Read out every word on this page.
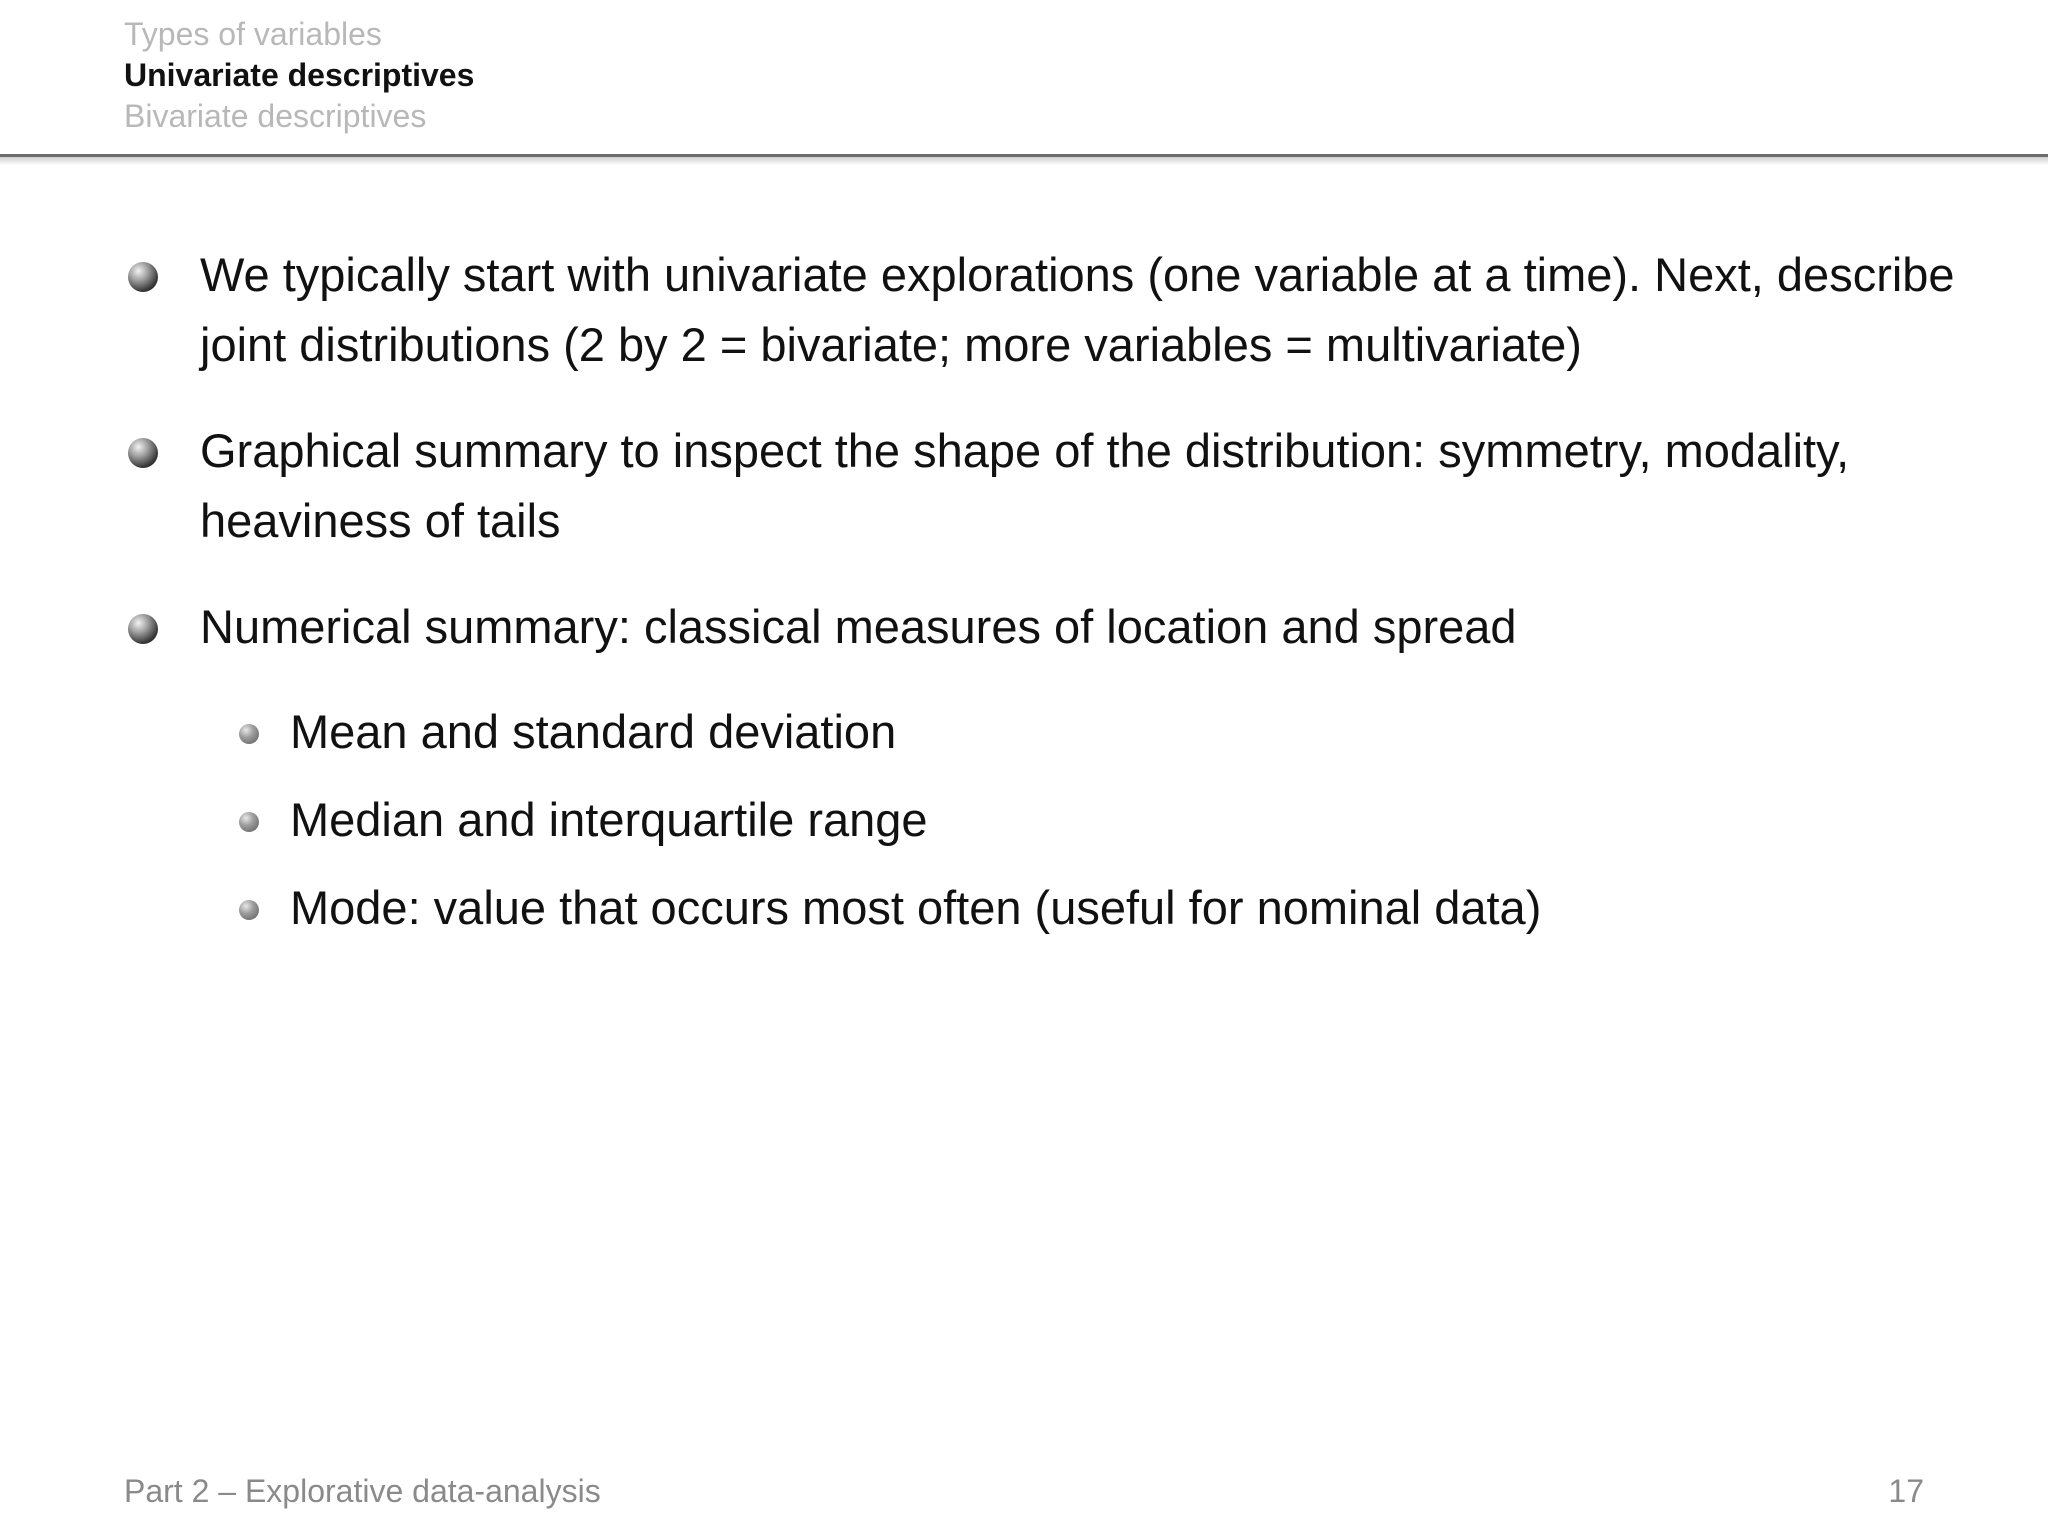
Types of variables
Univariate descriptives
Bivariate descriptives
We typically start with univariate explorations (one variable at a time). Next, describe joint distributions (2 by 2 = bivariate; more variables = multivariate)
Graphical summary to inspect the shape of the distribution: symmetry, modality, heaviness of tails
Numerical summary: classical measures of location and spread
Mean and standard deviation
Median and interquartile range
Mode: value that occurs most often (useful for nominal data)
Part 2 – Explorative data-analysis	17
